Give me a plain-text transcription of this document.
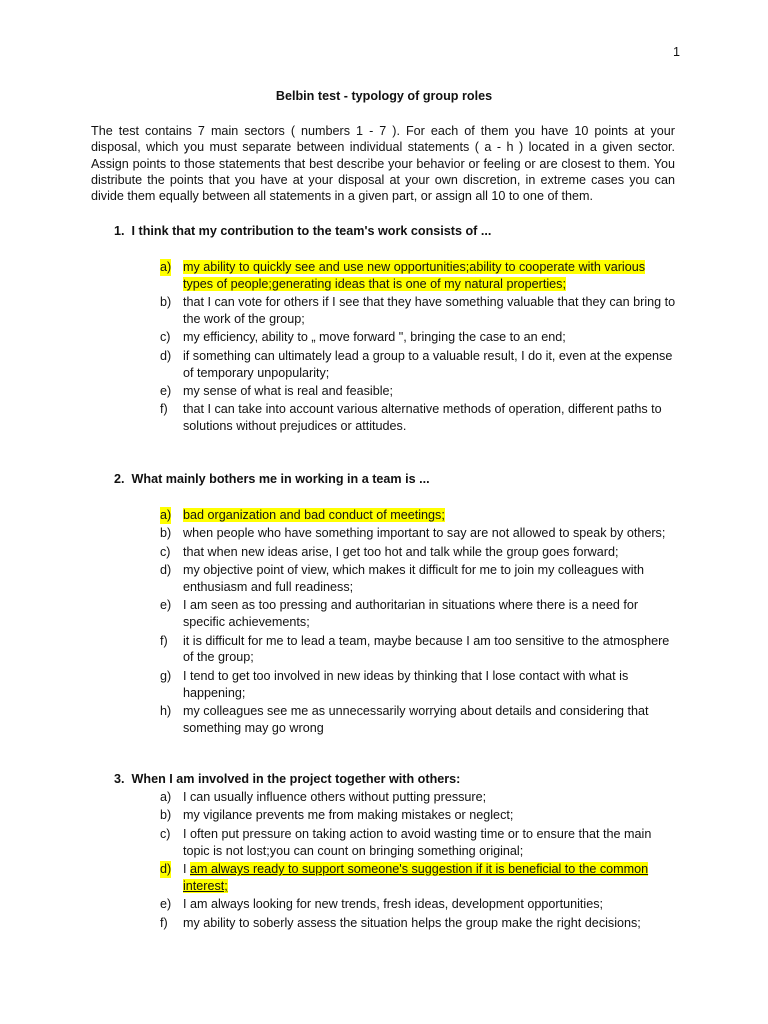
1
Belbin test - typology of group roles

The test contains 7 main sectors ( numbers 1 - 7 ). For each of them you have 10 points at your disposal, which you must separate between individual statements ( a - h ) located in a given sector. Assign points to those statements that best describe your behavior or feeling or are closest to them. You distribute the points that you have at your disposal at your own discretion, in extreme cases you can divide them equally between all statements in a given part, or assign all 10 to one of them.

1. I think that my contribution to the team's work consists of ...
a) my ability to quickly see and use new opportunities;ability to cooperate with various types of people;generating ideas that is one of my natural properties;
b) that I can vote for others if I see that they have something valuable that they can bring to the work of the group;
c) my efficiency, ability to „ move forward ", bringing the case to an end;
d) if something can ultimately lead a group to a valuable result, I do it, even at the expense of temporary unpopularity;
e) my sense of what is real and feasible;
f) that I can take into account various alternative methods of operation, different paths to solutions without prejudices or attitudes.
2. What mainly bothers me in working in a team is ...
a) bad organization and bad conduct of meetings;
b) when people who have something important to say are not allowed to speak by others;
c) that when new ideas arise, I get too hot and talk while the group goes forward;
d) my objective point of view, which makes it difficult for me to join my colleagues with enthusiasm and full readiness;
e) I am seen as too pressing and authoritarian in situations where there is a need for specific achievements;
f) it is difficult for me to lead a team, maybe because I am too sensitive to the atmosphere of the group;
g) I tend to get too involved in new ideas by thinking that I lose contact with what is happening;
h) my colleagues see me as unnecessarily worrying about details and considering that something may go wrong
3. When I am involved in the project together with others:
a) I can usually influence others without putting pressure;
b) my vigilance prevents me from making mistakes or neglect;
c) I often put pressure on taking action to avoid wasting time or to ensure that the main topic is not lost;you can count on bringing something original;
d) I am always ready to support someone's suggestion if it is beneficial to the common interest;
e) I am always looking for new trends, fresh ideas, development opportunities;
f) my ability to soberly assess the situation helps the group make the right decisions;
